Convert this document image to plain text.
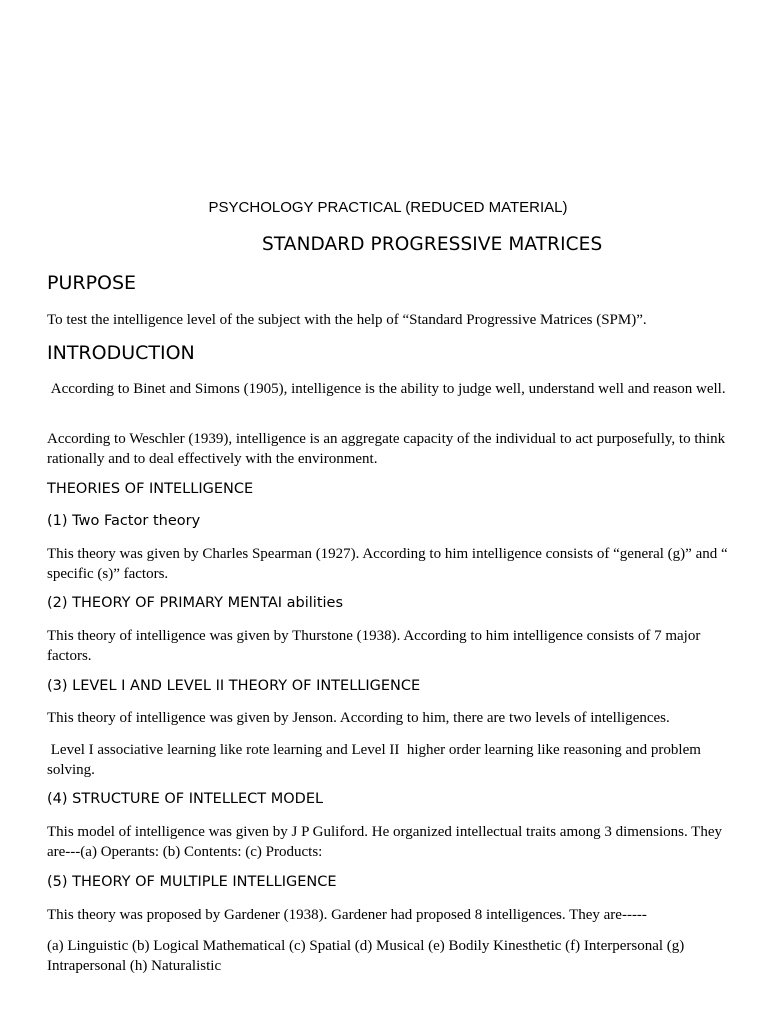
PSYCHOLOGY PRACTICAL (REDUCED MATERIAL)
STANDARD PROGRESSIVE MATRICES
PURPOSE
To test the intelligence level of the subject with the help of “Standard Progressive Matrices (SPM)”.
INTRODUCTION
According to Binet and Simons (1905), intelligence is the ability to judge well, understand well and reason well.
According to Weschler (1939), intelligence is an aggregate capacity of the individual to act purposefully, to think rationally and to deal effectively with the environment.
THEORIES OF INTELLIGENCE
(1) Two Factor theory
This theory was given by Charles Spearman (1927). According to him intelligence consists of “general (g)” and “ specific (s)” factors.
(2) THEORY OF PRIMARY MENTAI abilities
This theory of intelligence was given by Thurstone (1938). According to him intelligence consists of 7 major factors.
(3) LEVEL I AND LEVEL II THEORY OF INTELLIGENCE
This theory of intelligence was given by Jenson. According to him, there are two levels of intelligences.
Level I associative learning like rote learning and Level II  higher order learning like reasoning and problem solving.
(4) STRUCTURE OF INTELLECT MODEL
This model of intelligence was given by J P Guliford. He organized intellectual traits among 3 dimensions. They are---(a) Operants: (b) Contents: (c) Products:
(5) THEORY OF MULTIPLE INTELLIGENCE
This theory was proposed by Gardener (1938). Gardener had proposed 8 intelligences. They are-----
(a) Linguistic (b) Logical Mathematical (c) Spatial (d) Musical (e) Bodily Kinesthetic (f) Interpersonal (g) Intrapersonal (h) Naturalistic
